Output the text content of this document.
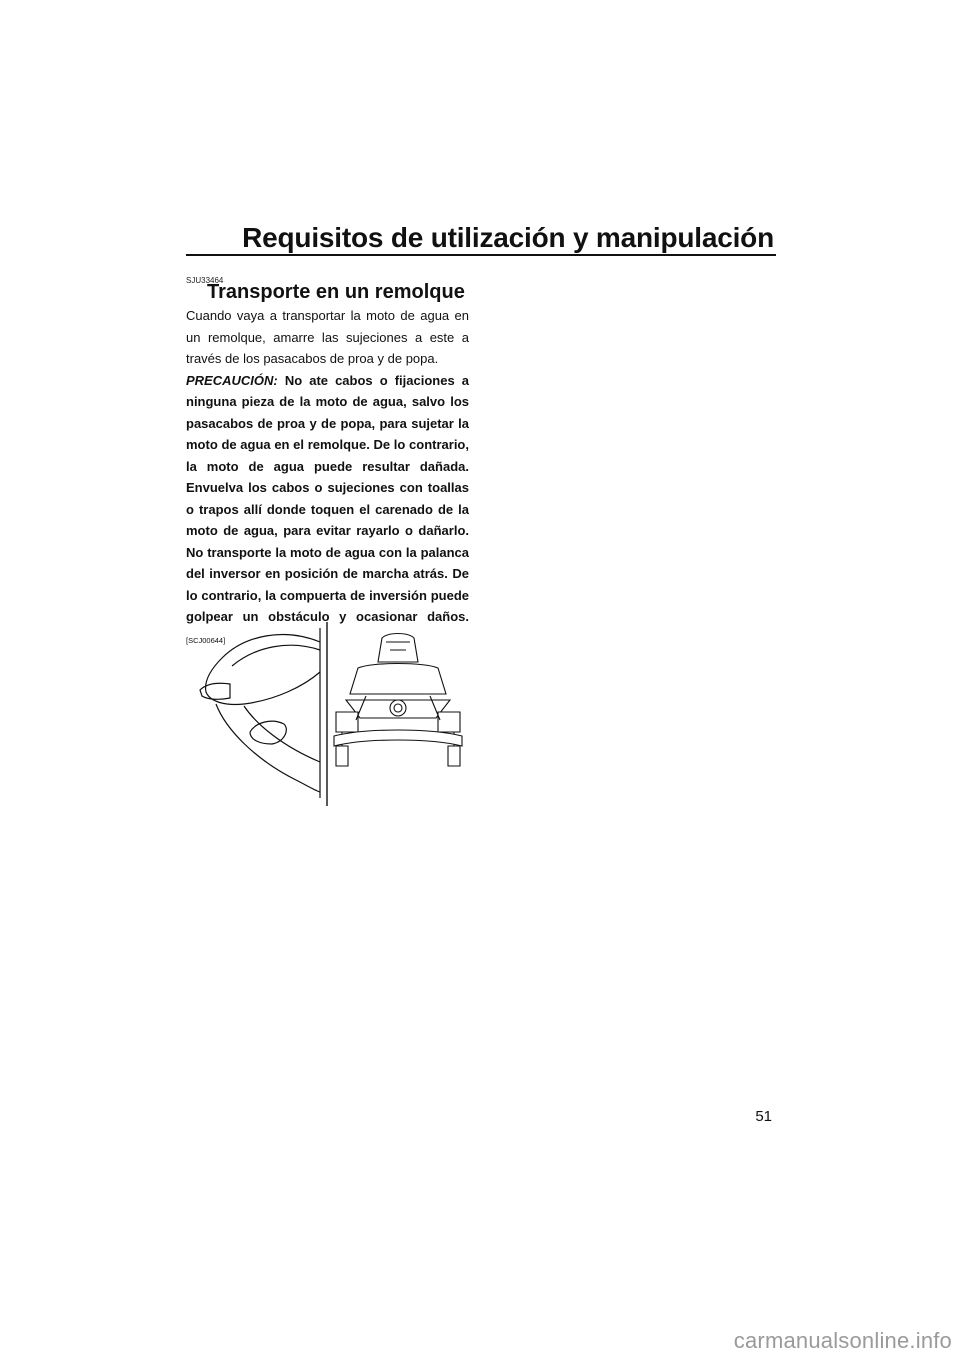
Requisitos de utilización y manipulación
SJU33464
Transporte en un remolque

Cuando vaya a transportar la moto de agua en un remolque, amarre las sujeciones a este a través de los pasacabos de proa y de popa.

PRECAUCIÓN: No ate cabos o fijaciones a ninguna pieza de la moto de agua, salvo los pasacabos de proa y de popa, para sujetar la moto de agua en el remolque. De lo contrario, la moto de agua puede resultar dañada. Envuelva los cabos o sujeciones con toallas o trapos allí donde toquen el carenado de la moto de agua, para evitar rayarlo o dañarlo. No transporte la moto de agua con la palanca del inversor en posición de marcha atrás. De lo contrario, la compuerta de inversión puede golpear un obstáculo y ocasionar daños. [SCJ00644]

51
carmanualsonline.info
